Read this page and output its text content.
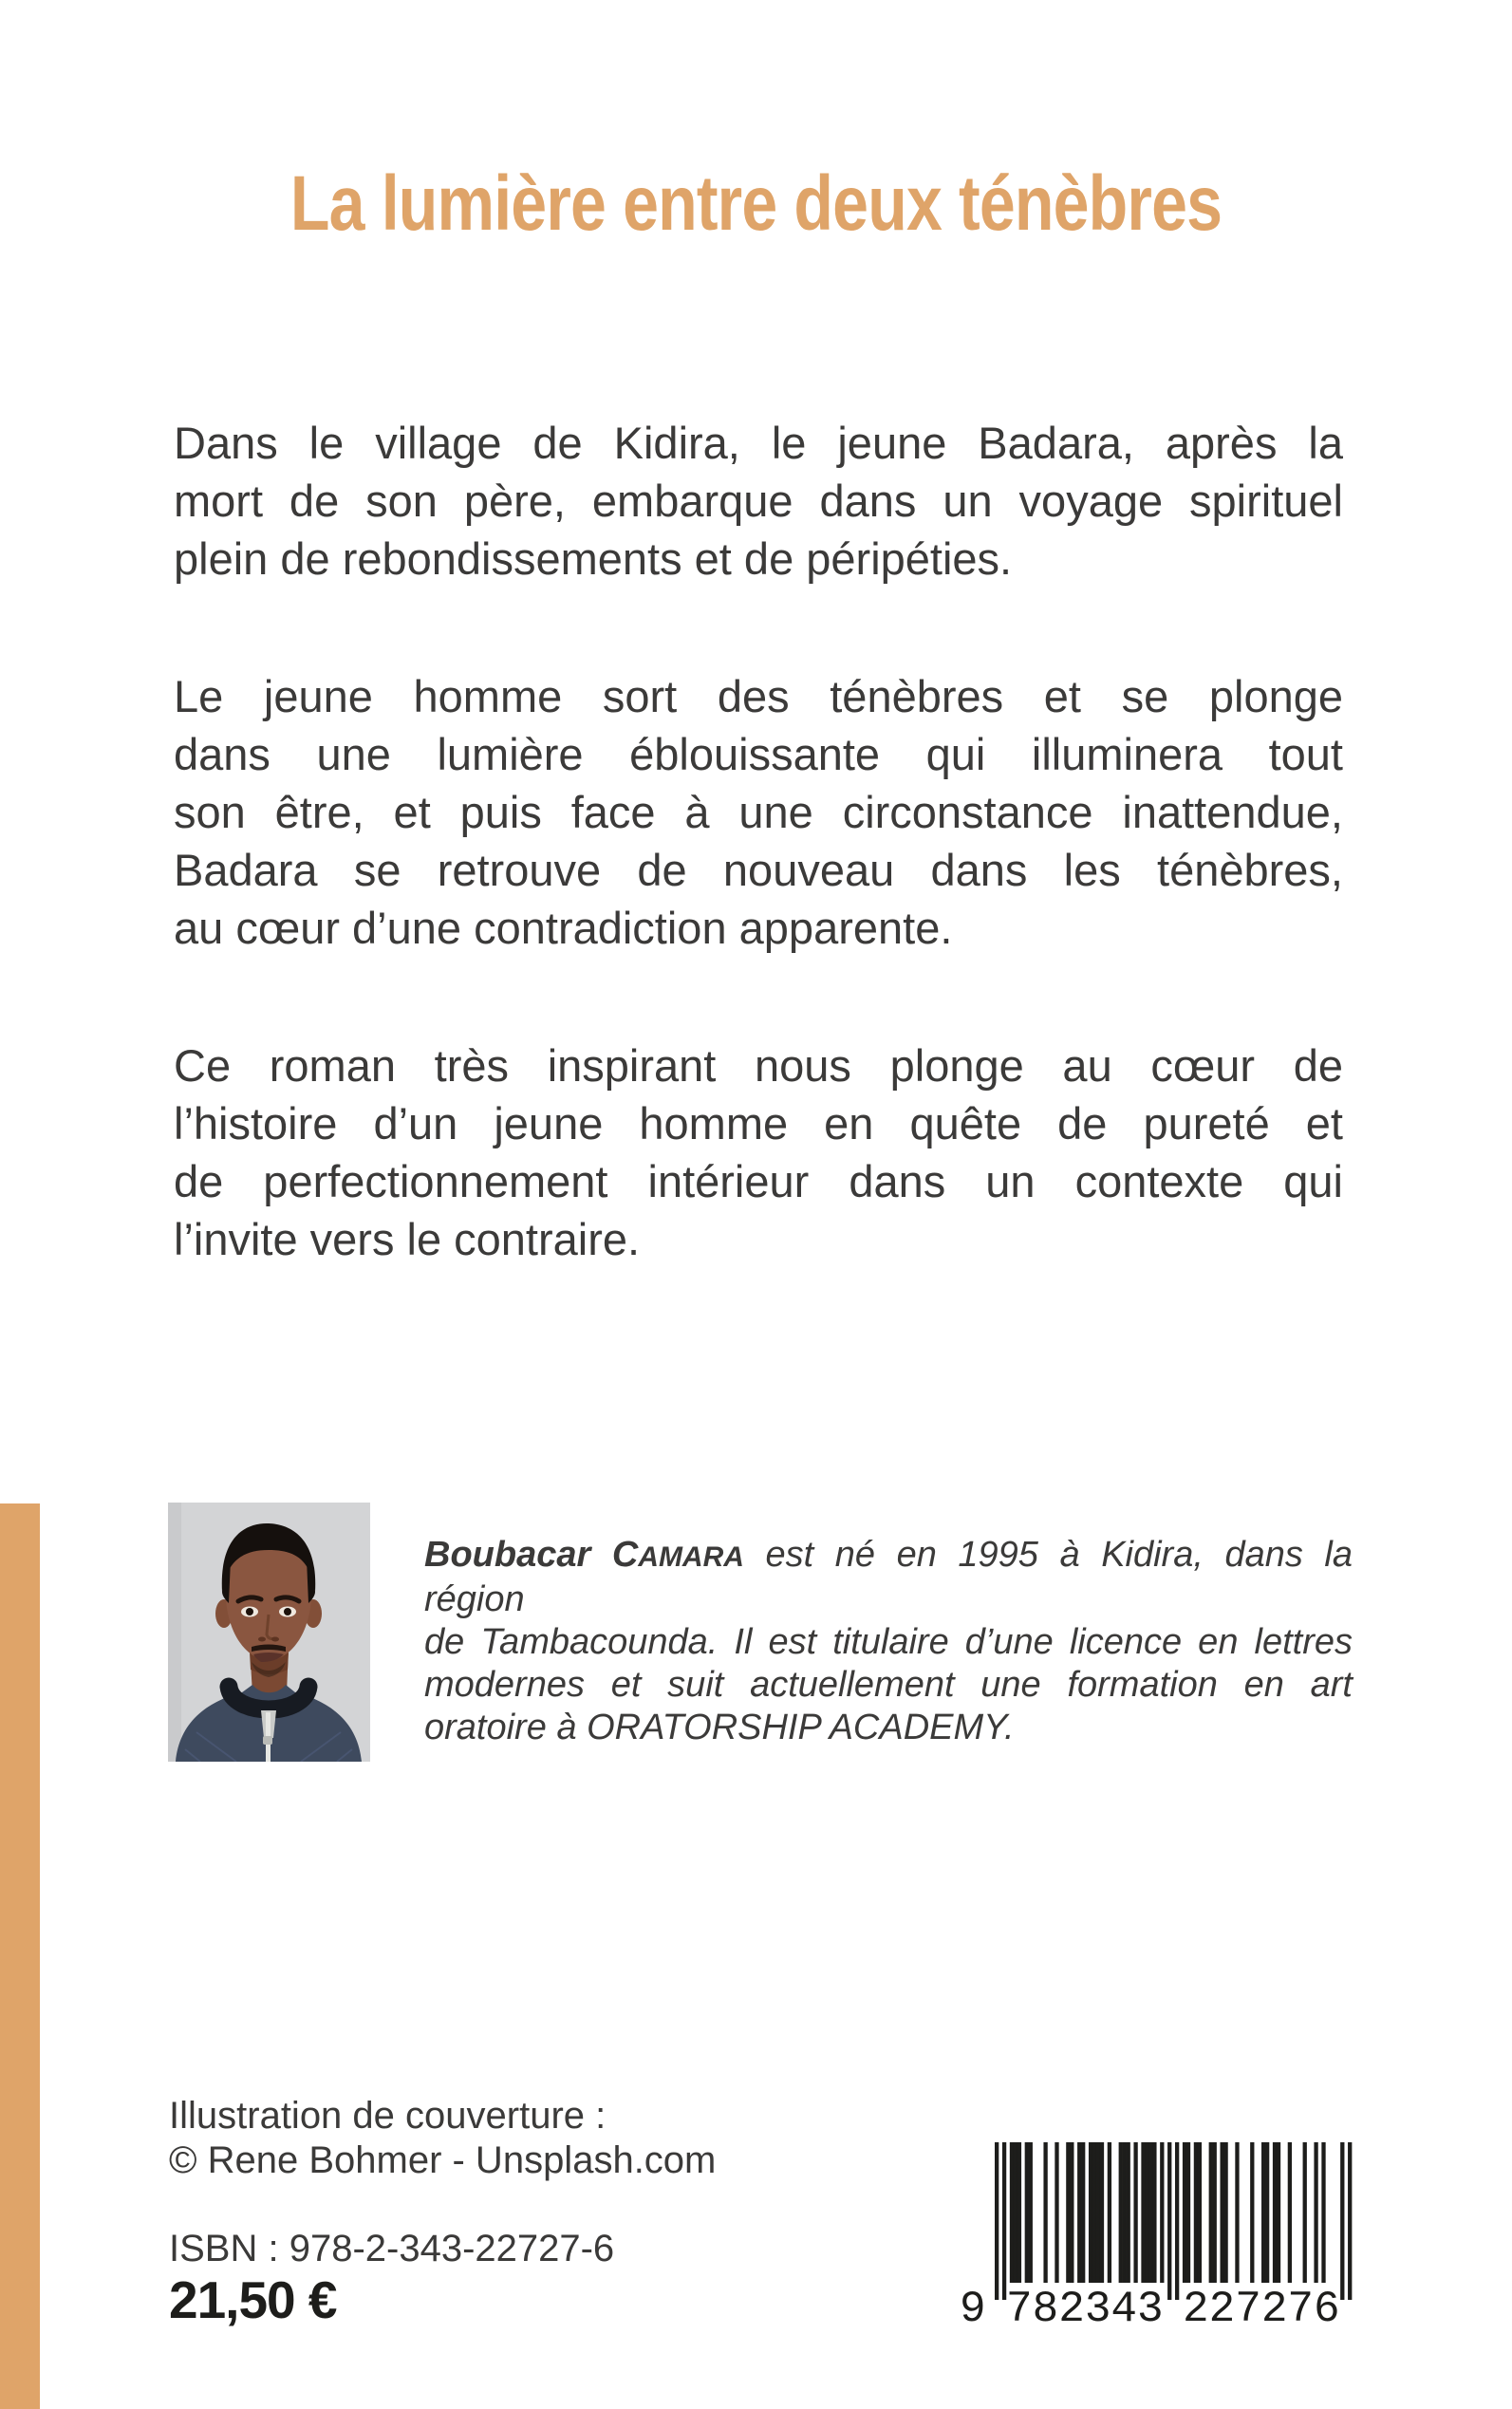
La lumière entre deux ténèbres
Dans le village de Kidira, le jeune Badara, après la
mort de son père, embarque dans un voyage spirituel
plein de rebondissements et de péripéties.
Le jeune homme sort des ténèbres et se plonge
dans une lumière éblouissante qui illuminera tout
son être, et puis face à une circonstance inattendue,
Badara se retrouve de nouveau dans les ténèbres,
au cœur d’une contradiction apparente.
Ce roman très inspirant nous plonge au cœur de
l’histoire d’un jeune homme en quête de pureté et
de perfectionnement intérieur dans un contexte qui
l’invite vers le contraire.
Boubacar CAMARA est né en 1995 à Kidira, dans la région
de Tambacounda. Il est titulaire d’une licence en lettres
modernes et suit actuellement une formation en art
oratoire à ORATORSHIP ACADEMY.
Illustration de couverture :
© Rene Bohmer - Unsplash.com
ISBN : 978-2-343-22727-6
21,50 €	9 782343 227276
